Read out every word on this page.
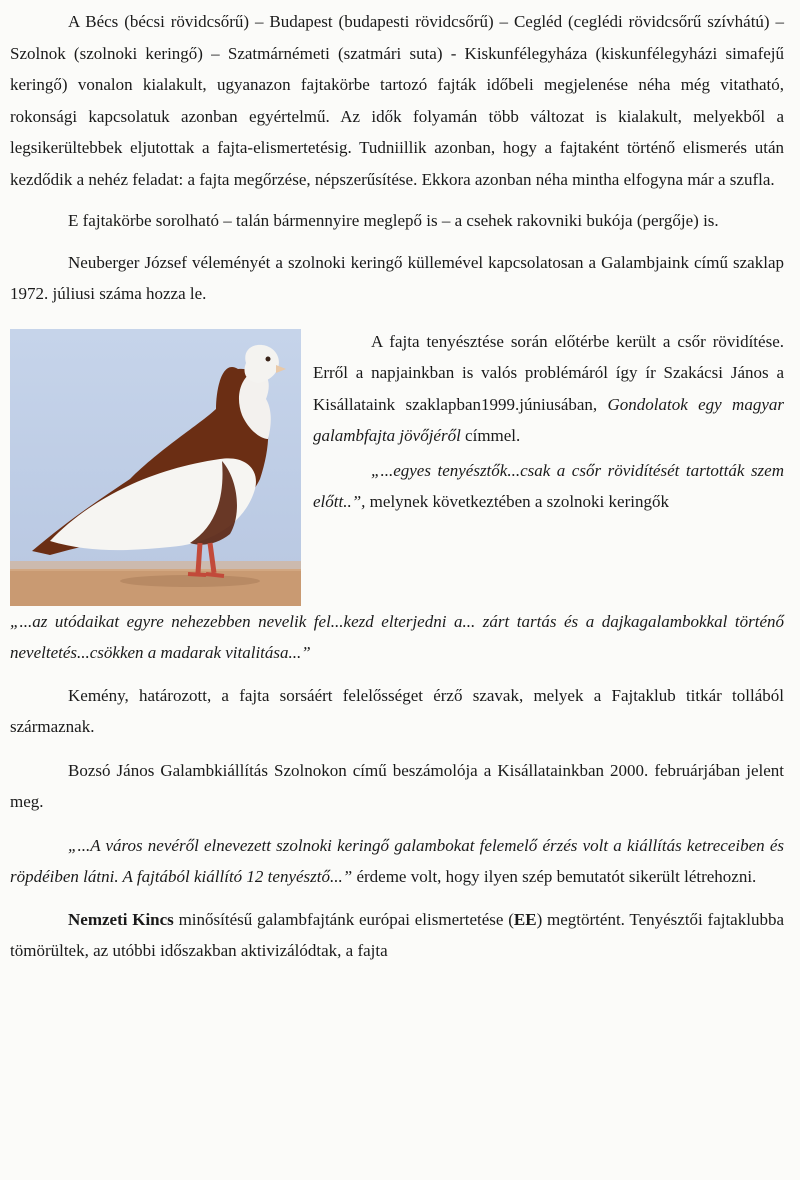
A Bécs (bécsi rövidcsőrű) – Budapest (budapesti rövidcsőrű) – Cegléd (ceglédi rövidcsőrű szívhátú) – Szolnok (szolnoki keringő) – Szatmárnémeti (szatmári suta) - Kiskunfélegyháza (kiskunfélegyházi simafejű keringő) vonalon kialakult, ugyanazon fajtakörbe tartozó fajták időbeli megjelenése néha még vitatható, rokonsági kapcsolatuk azonban egyértelmű. Az idők folyamán több változat is kialakult, melyekből a legsikerültebbek eljutottak a fajta-elismertetésig. Tudniillik azonban, hogy a fajtaként történő elismerés után kezdődik a nehéz feladat: a fajta megőrzése, népszerűsítése. Ekkora azonban néha mintha elfogyna már a szufla.

E fajtakörbe sorolható – talán bármennyire meglepő is – a csehek rakovniki bukója (pergője) is.

Neuberger József véleményét a szolnoki keringő küllemével kapcsolatosan a Galambjaink című szaklap 1972. júliusi száma hozza le.

A fajta tenyésztése során előtérbe került a csőr rövidítése. Erről a napjainkban is valós problémáról így ír Szakácsi János a Kisállataink szaklapban1999.júniusában, Gondolatok egy magyar galambfajta jövőjéről címmel.

„...egyes tenyésztők...csak a csőr rövidítését tartották szem előtt..”, melynek következtében a szolnoki keringők

„...az utódaikat egyre nehezebben nevelik fel...kezd elterjedni a... zárt tartás és a dajkagalambokkal történő neveltetés...csökken a madarak vitalitása...”

Kemény, határozott, a fajta sorsáért felelősséget érző szavak, melyek a Fajtaklub titkár tollából származnak.

Bozsó János Galambkiállítás Szolnokon című beszámolója a Kisállatainkban 2000. februárjában jelent meg.

„...A város nevéről elnevezett szolnoki keringő galambokat felemelő érzés volt a kiállítás ketreceiben és röpdéiben látni. A fajtából kiállító 12 tenyésztő...” érdeme volt, hogy ilyen szép bemutatót sikerült létrehozni.

Nemzeti Kincs minősítésű galambfajtánk európai elismertetése (EE) megtörtént. Tenyésztői fajtaklubba tömörültek, az utóbbi időszakban aktivizálódtak, a fajta
